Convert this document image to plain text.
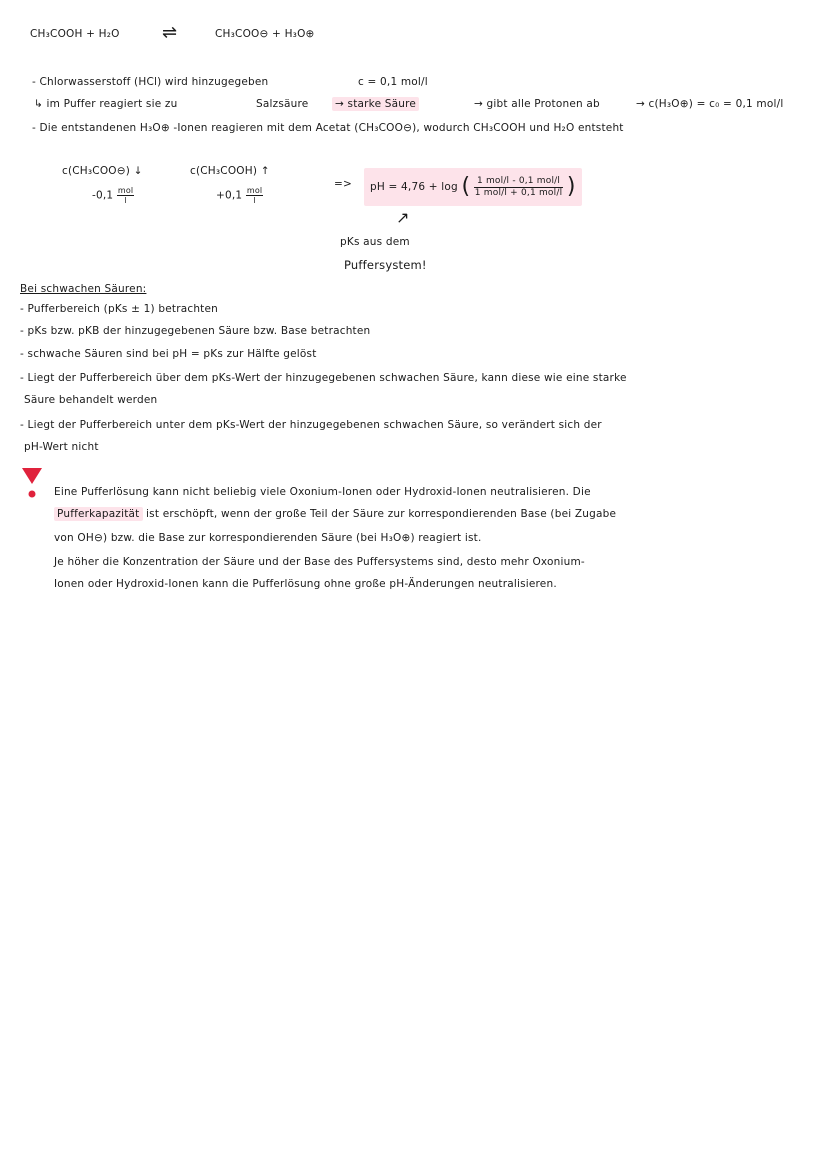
CH₃COOH + H₂O ⇌	CH₃COO⊖ + H₃O⊕
- Chlorwasserstoff (HCl) wird hinzugegeben	c = 0,1 mol/l
↳ im Puffer reagiert sie zu	Salzsäure	→ starke Säure	→ gibt alle Protonen ab	→ c(H₃O⊕) = c₀ = 0,1 mol/l
- Die entstandenen H₃O⊕ -Ionen reagieren mit dem Acetat (CH₃COO⊖), wodurch CH₃COOH und H₂O entsteht
c(CH₃COO⊖) ↓
$-0,1 \frac{\text{mol}}{l}$
c(CH₃COOH) ↑
$+0,1 \frac{\text{mol}}{l}$
=>	pH = 4,76 + log ( $\frac{\text{1 mol/l - 0,1 mol/l}}{\text{1 mol/l + 0,1 mol/l}}$ )
↗
pKs aus dem
Puffersystem!
Bei schwachen Säuren:
- Pufferbereich (pKs ± 1) betrachten
- pKs bzw. pKB der hinzugegebenen Säure bzw. Base betrachten
- schwache Säuren sind bei pH = pKs zur Hälfte gelöst
- Liegt der Pufferbereich über dem pKs-Wert der hinzugegebenen schwachen Säure, kann diese wie eine starke
Säure behandelt werden
- Liegt der Pufferbereich unter dem pKs-Wert der hinzugegebenen schwachen Säure, so verändert sich der
pH-Wert nicht
Eine Pufferlösung kann nicht beliebig viele Oxonium-Ionen oder Hydroxid-Ionen neutralisieren. Die
Pufferkapazität ist erschöpft, wenn der große Teil der Säure zur korrespondierenden Base (bei Zugabe
von OH⊖) bzw. die Base zur korrespondierenden Säure (bei H₃O⊕) reagiert ist.
Je höher die Konzentration der Säure und der Base des Puffersystems sind, desto mehr Oxonium-
Ionen oder Hydroxid-Ionen kann die Pufferlösung ohne große pH-Änderungen neutralisieren.
